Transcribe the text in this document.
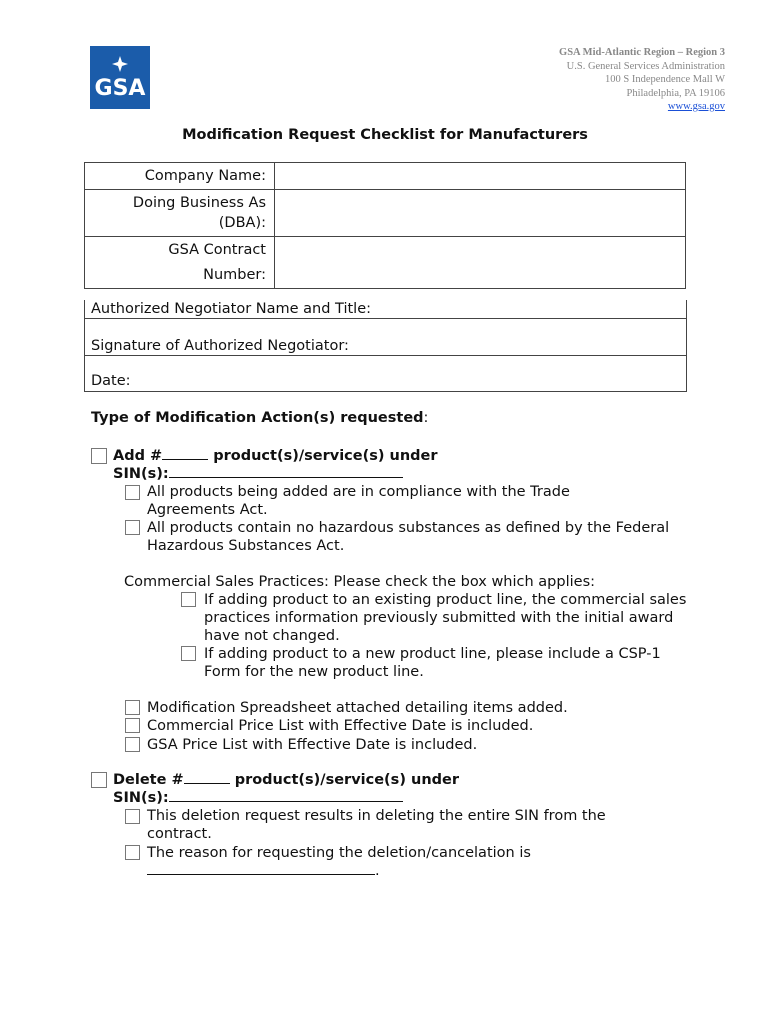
GSA
GSA Mid-Atlantic Region – Region 3
U.S. General Services Administration
100 S Independence Mall W
Philadelphia, PA 19106
www.gsa.gov
Modification Request Checklist for Manufacturers
Company Name:	

Doing Business As
(DBA):	

GSA Contract
Number:	

Authorized Negotiator Name and Title:
Signature of Authorized Negotiator:
Date:
Type of Modification Action(s) requested:
Add #	product(s)/service(s) under
SIN(s):
All products being added are in compliance with the Trade
Agreements Act.
All products contain no hazardous substances as defined by the Federal
Hazardous Substances Act.
Commercial Sales Practices: Please check the box which applies:
If adding product to an existing product line, the commercial sales
practices information previously submitted with the initial award
have not changed.
If adding product to a new product line, please include a CSP-1
Form for the new product line.
Modification Spreadsheet attached detailing items added.
Commercial Price List with Effective Date is included.
GSA Price List with Effective Date is included.
Delete #	product(s)/service(s) under
SIN(s):
This deletion request results in deleting the entire SIN from the
contract.
The reason for requesting the deletion/cancelation is
.
